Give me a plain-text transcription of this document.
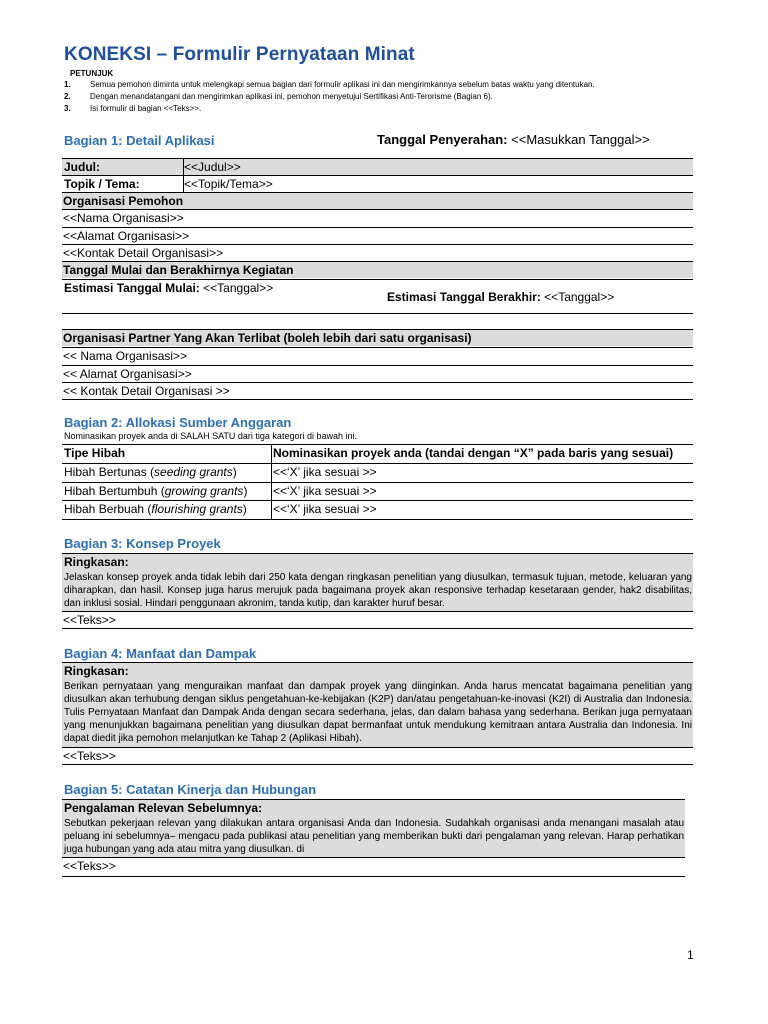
KONEKSI – Formulir Pernyataan Minat
PETUNJUK
1. Semua pemohon diminta untuk melengkapi semua bagian dari formulir aplikasi ini dan mengirimkannya sebelum batas waktu yang ditentukan.
2. Dengan menandatangani dan mengirimkan aplikasi ini, pemohon menyetujui Sertifikasi Anti-Terorisme (Bagian 6).
3. Isi formulir di bagian <<Teks>>.
Bagian 1: Detail Aplikasi	Tanggal Penyerahan: <<Masukkan Tanggal>>
Judul:	<<Judul>>
Topik / Tema:	<<Topik/Tema>>
Organisasi Pemohon
<<Nama Organisasi>>
<<Alamat Organisasi>>
<<Kontak Detail Organisasi>>
Tanggal Mulai dan Berakhirnya Kegiatan
Estimasi Tanggal Mulai: <<Tanggal>>
Estimasi Tanggal Berakhir: <<Tanggal>>
Organisasi Partner Yang Akan Terlibat (boleh lebih dari satu organisasi)
<< Nama Organisasi>>
<< Alamat Organisasi>>
<< Kontak Detail Organisasi >>
Bagian 2: Allokasi Sumber Anggaran
Nominasikan proyek anda di SALAH SATU dari tiga kategori di bawah ini.
Tipe Hibah	Nominasikan proyek anda (tandai dengan “X” pada baris yang sesuai)
Hibah Bertunas (seeding grants)	<<‘X’ jika sesuai >>
Hibah Bertumbuh (growing grants) <<‘X’ jika sesuai >>
Hibah Berbuah (flourishing grants) <<‘X’ jika sesuai >>
Bagian 3: Konsep Proyek
Ringkasan:
Jelaskan konsep proyek anda tidak lebih dari 250 kata dengan ringkasan penelitian yang diusulkan, termasuk tujuan, metode, keluaran yang diharapkan, dan hasil. Konsep juga harus merujuk pada bagaimana proyek akan responsive terhadap kesetaraan gender, hak2 disabilitas, dan inklusi sosial. Hindari penggunaan akronim, tanda kutip, dan karakter huruf besar.
<<Teks>>
Bagian 4: Manfaat dan Dampak
Ringkasan:
Berikan pernyataan yang menguraikan manfaat dan dampak proyek yang diinginkan. Anda harus mencatat bagaimana penelitian yang diusulkan akan terhubung dengan siklus pengetahuan-ke-kebijakan (K2P) dan/atau pengetahuan-ke-inovasi (K2I) di Australia dan Indonesia. Tulis Pernyataan Manfaat dan Dampak Anda dengan secara sederhana, jelas, dan dalam bahasa yang sederhana. Berikan juga pernyataan yang menunjukkan bagaimana penelitian yang diusulkan dapat bermanfaat untuk mendukung kemitraan antara Australia dan Indonesia. Ini dapat diedit jika pemohon melanjutkan ke Tahap 2 (Aplikasi Hibah).
<<Teks>>
Bagian 5: Catatan Kinerja dan Hubungan
Pengalaman Relevan Sebelumnya:
Sebutkan pekerjaan relevan yang dilakukan antara organisasi Anda dan Indonesia. Sudahkah organisasi anda menangani masalah atau peluang ini sebelumnya– mengacu pada publikasi atau penelitian yang memberikan bukti dari pengalaman yang relevan. Harap perhatikan juga hubungan yang ada atau mitra yang diusulkan. di
<<Teks>>
1
